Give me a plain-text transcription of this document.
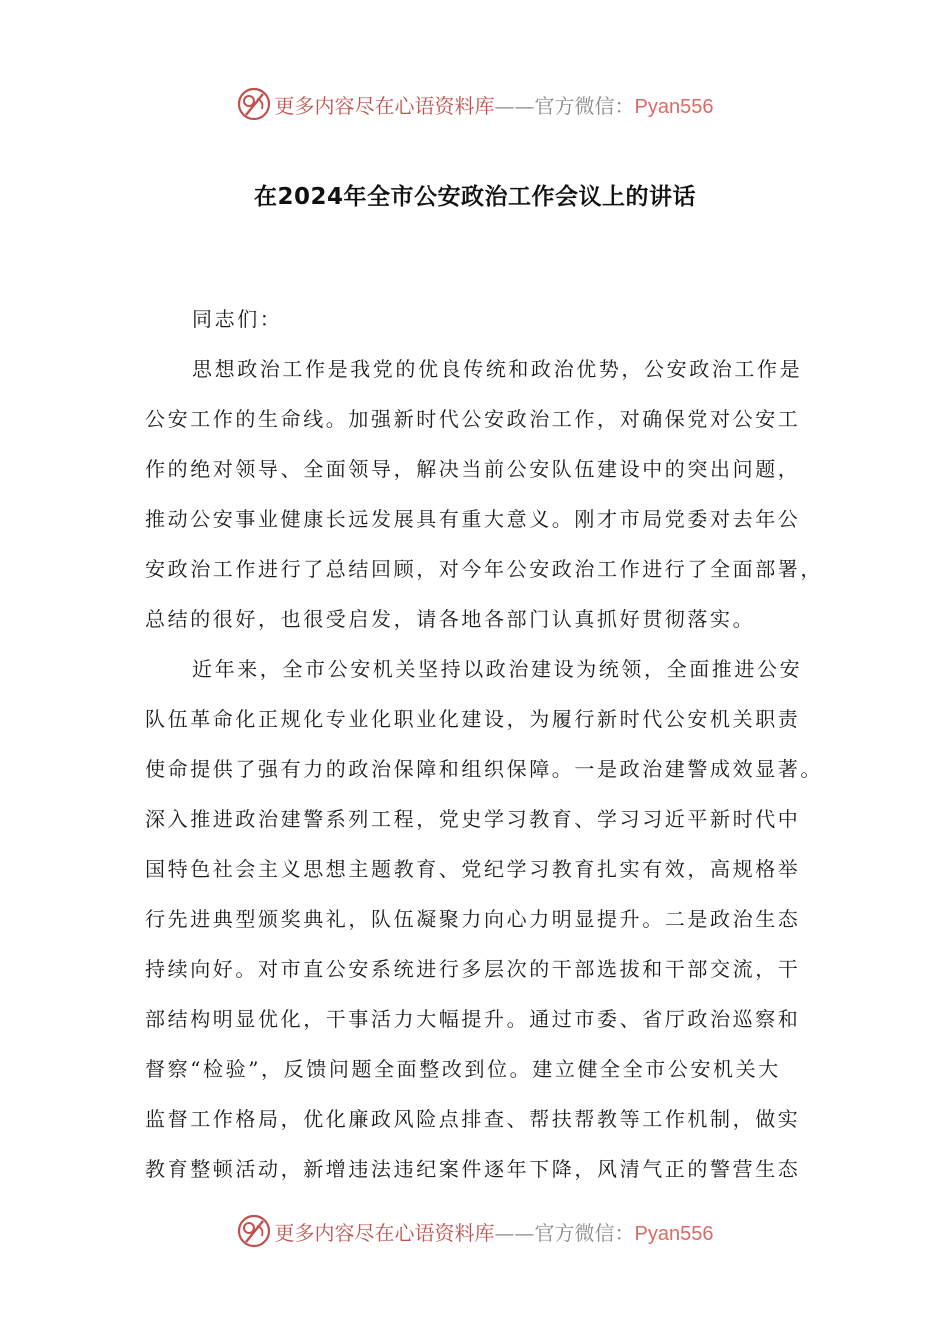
更多内容尽在心语资料库——官方微信：Pyan556
在2024年全市公安政治工作会议上的讲话
同志们：
思想政治工作是我党的优良传统和政治优势，公安政治工作是
公安工作的生命线。加强新时代公安政治工作，对确保党对公安工
作的绝对领导、全面领导，解决当前公安队伍建设中的突出问题，
推动公安事业健康长远发展具有重大意义。刚才市局党委对去年公
安政治工作进行了总结回顾，对今年公安政治工作进行了全面部署，
总结的很好，也很受启发，请各地各部门认真抓好贯彻落实。
近年来，全市公安机关坚持以政治建设为统领，全面推进公安
队伍革命化正规化专业化职业化建设，为履行新时代公安机关职责
使命提供了强有力的政治保障和组织保障。一是政治建警成效显著。
深入推进政治建警系列工程，党史学习教育、学习习近平新时代中
国特色社会主义思想主题教育、党纪学习教育扎实有效，高规格举
行先进典型颁奖典礼，队伍凝聚力向心力明显提升。二是政治生态
持续向好。对市直公安系统进行多层次的干部选拔和干部交流，干
部结构明显优化，干事活力大幅提升。通过市委、省厅政治巡察和
督察“检验”，反馈问题全面整改到位。建立健全全市公安机关大
监督工作格局，优化廉政风险点排查、帮扶帮教等工作机制，做实
教育整顿活动，新增违法违纪案件逐年下降，风清气正的警营生态
更多内容尽在心语资料库——官方微信：Pyan556
